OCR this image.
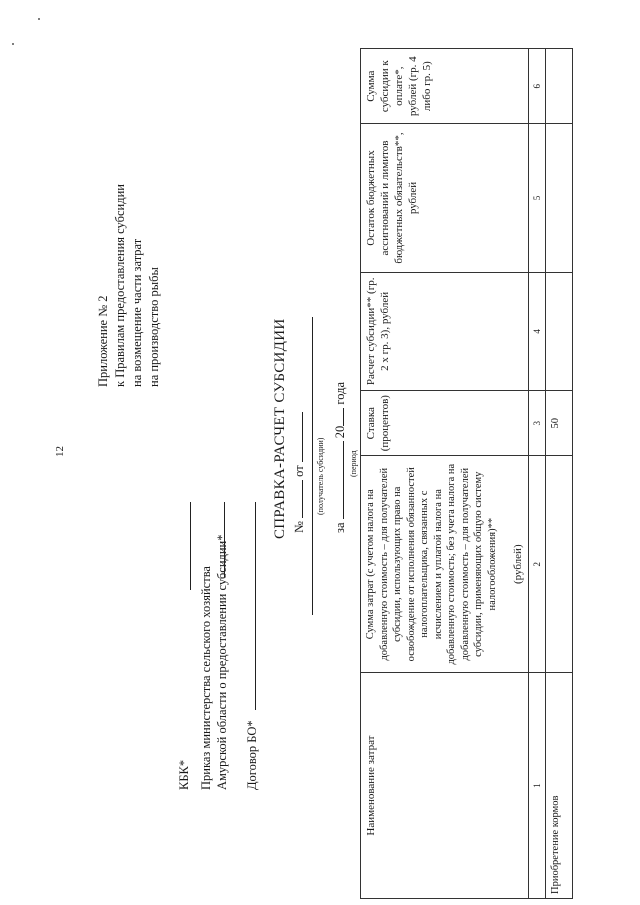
12
Приложение № 2 к Правилам предоставления субсидии на возмещение части затрат на производство рыбы
КБК* Приказ министерства сельского хозяйства Амурской области о предоставлении субсидии* Договор БО*
СПРАВКА-РАСЧЕТ СУБСИДИИ №  от (получатель субсидии)
за  20 года
(период
Наименование затрат	Сумма затрат (с учетом налога на добавленную стоимость – для получателей субсидии, использующих право на освобождение от исполнения обязанностей налогоплательщика, связанных с исчислением и уплатой налога на добавленную стоимость; без учета налога на добавленную стоимость – для получателей субсидии, применяющих общую систему налогообложения)** (рублей)	Ставка (процентов)	Расчет субсидии** (гр. 2 х гр. 3), рублей	Остаток бюджетных ассигнований и лимитов бюджетных обязательств**, рублей	Сумма субсидии к оплате*, рублей (гр. 4 либо гр. 5)
1	2	3	4	5	6
Приобретение кормов		50			
